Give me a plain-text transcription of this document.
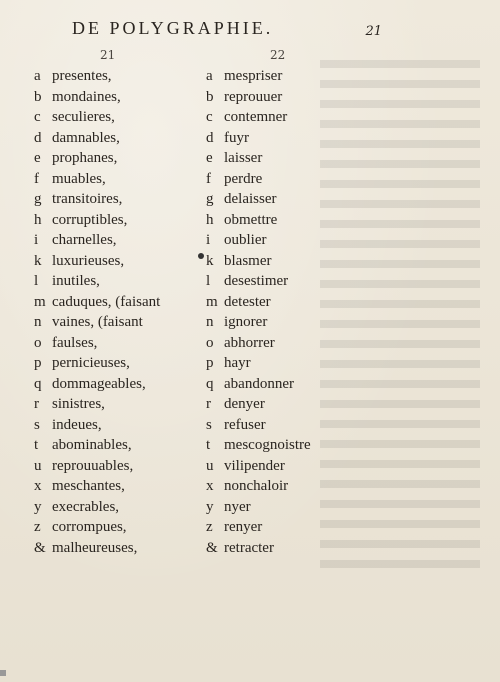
DE POLYGRAPHIE.	21
21	22
a presentes,
b mondaines,
c seculieres,
d damnables,
e prophanes,
f muables,
g transitoires,
h corruptibles,
i charnelles,
k luxurieuses,
l inutiles,
m caduques, (faisant
n vaines, (faisant
o faulses,
p pernicieuses,
q dommageables,
r sinistres,
s indeues,
t abominables,
u reprouuables,
x meschantes,
y execrables,
z corrompues,
& malheureuses,
a mespriser
b reprouuer
c contemner
d fuyr
e laisser
f perdre
g delaisser
h obmettre
i oublier
k blasmer
l desestimer
m detester
n ignorer
o abhorrer
p hayr
q abandonner
r denyer
s refuser
t mescognoistre
u vilipender
x nonchaloir
y nyer
z renyer
& retracter
